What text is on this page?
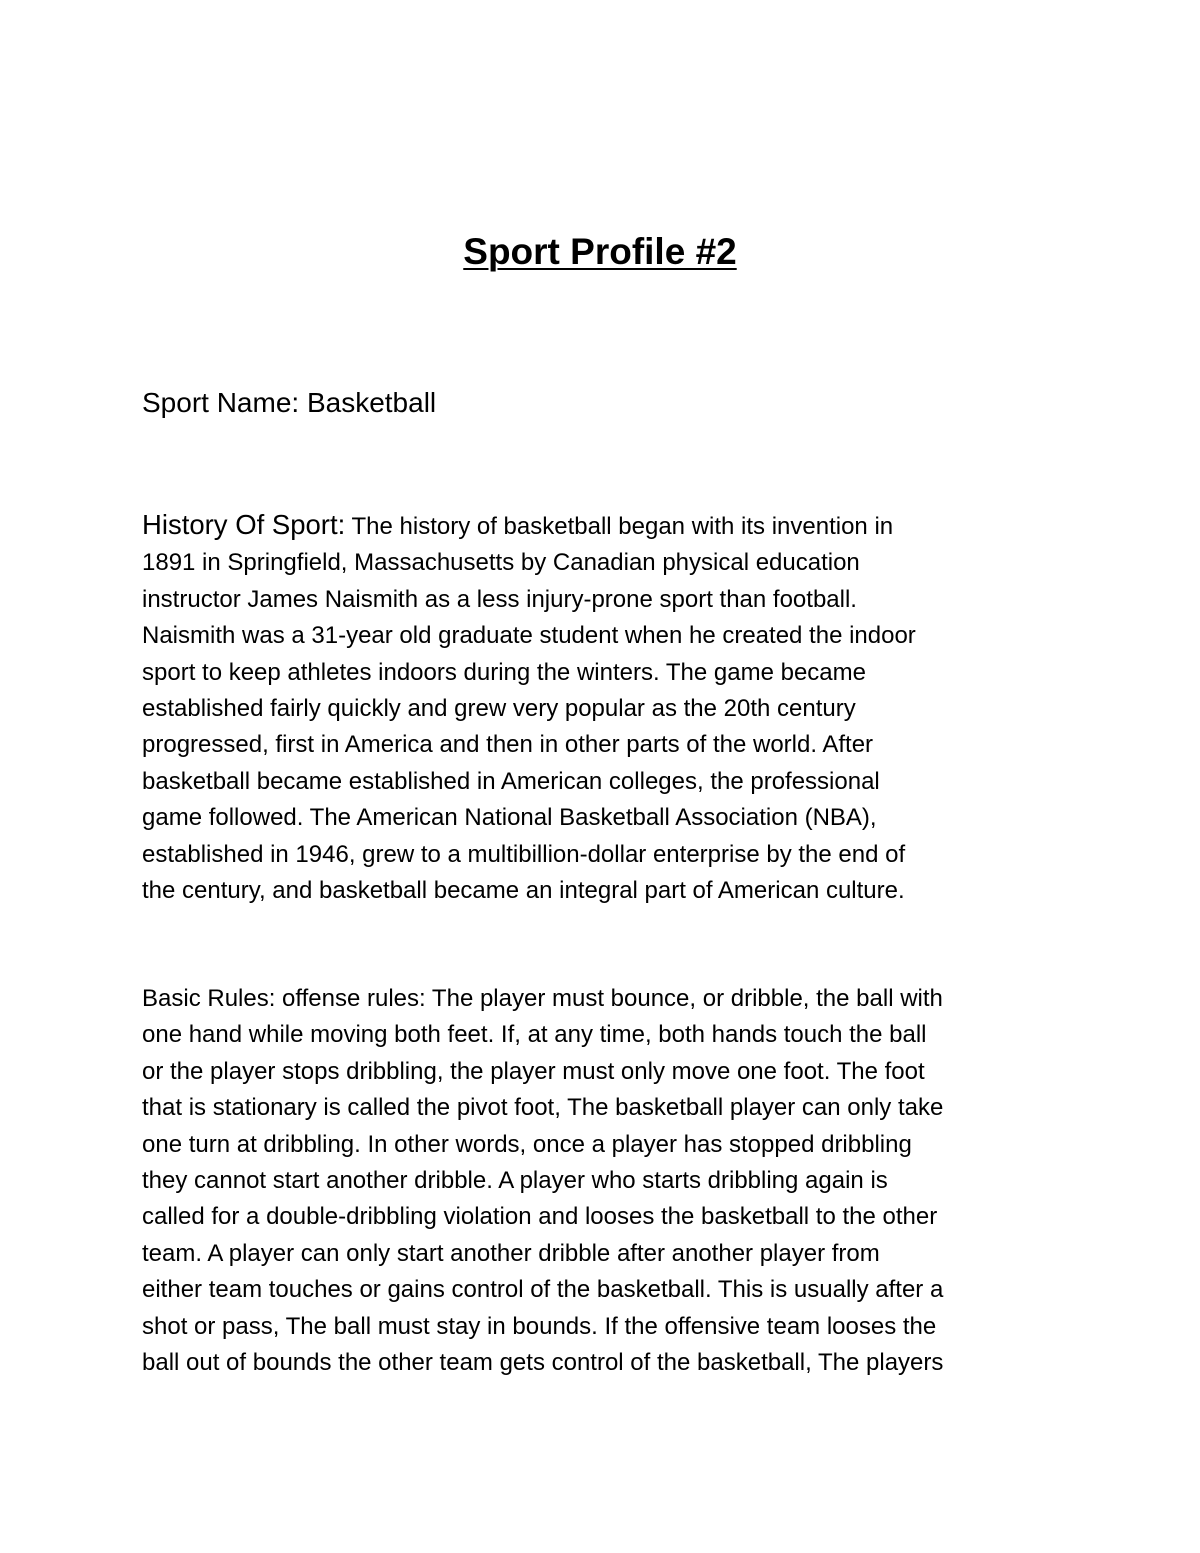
Sport Profile #2
Sport Name: Basketball
History Of Sport: The history of basketball began with its invention in
1891 in Springfield, Massachusetts by Canadian physical education
instructor James Naismith as a less injury-prone sport than football.
Naismith was a 31-year old graduate student when he created the indoor
sport to keep athletes indoors during the winters. The game became
established fairly quickly and grew very popular as the 20th century
progressed, first in America and then in other parts of the world. After
basketball became established in American colleges, the professional
game followed. The American National Basketball Association (NBA),
established in 1946, grew to a multibillion-dollar enterprise by the end of
the century, and basketball became an integral part of American culture.
Basic Rules: offense rules: The player must bounce, or dribble, the ball with
one hand while moving both feet. If, at any time, both hands touch the ball
or the player stops dribbling, the player must only move one foot. The foot
that is stationary is called the pivot foot, The basketball player can only take
one turn at dribbling. In other words, once a player has stopped dribbling
they cannot start another dribble. A player who starts dribbling again is
called for a double-dribbling violation and looses the basketball to the other
team. A player can only start another dribble after another player from
either team touches or gains control of the basketball. This is usually after a
shot or pass, The ball must stay in bounds. If the offensive team looses the
ball out of bounds the other team gets control of the basketball, The players
